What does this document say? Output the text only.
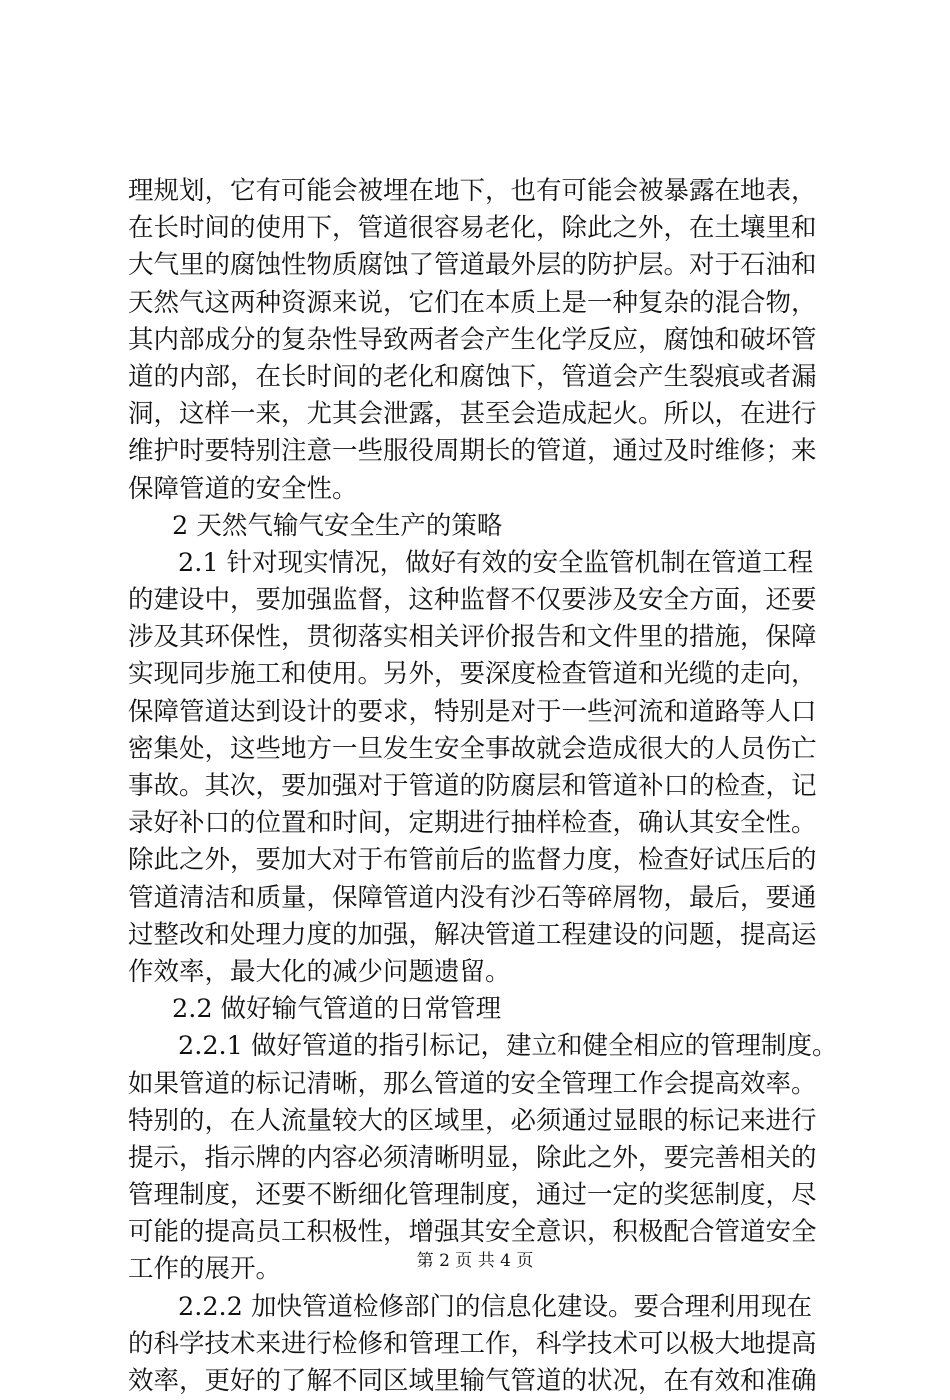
理规划，它有可能会被埋在地下，也有可能会被暴露在地表，
在长时间的使用下，管道很容易老化，除此之外，在土壤里和
大气里的腐蚀性物质腐蚀了管道最外层的防护层。对于石油和
天然气这两种资源来说，它们在本质上是一种复杂的混合物，
其内部成分的复杂性导致两者会产生化学反应，腐蚀和破坏管
道的内部，在长时间的老化和腐蚀下，管道会产生裂痕或者漏
洞，这样一来，尤其会泄露，甚至会造成起火。所以，在进行
维护时要特别注意一些服役周期长的管道，通过及时维修；来
保障管道的安全性。
2 天然气输气安全生产的策略
2.1 针对现实情况，做好有效的安全监管机制在管道工程
的建设中，要加强监督，这种监督不仅要涉及安全方面，还要
涉及其环保性，贯彻落实相关评价报告和文件里的措施，保障
实现同步施工和使用。另外，要深度检查管道和光缆的走向，
保障管道达到设计的要求，特别是对于一些河流和道路等人口
密集处，这些地方一旦发生安全事故就会造成很大的人员伤亡
事故。其次，要加强对于管道的防腐层和管道补口的检查，记
录好补口的位置和时间，定期进行抽样检查，确认其安全性。
除此之外，要加大对于布管前后的监督力度，检查好试压后的
管道清洁和质量，保障管道内没有沙石等碎屑物，最后，要通
过整改和处理力度的加强，解决管道工程建设的问题，提高运
作效率，最大化的减少问题遗留。
2.2 做好输气管道的日常管理
2.2.1 做好管道的指引标记，建立和健全相应的管理制度。
如果管道的标记清晰，那么管道的安全管理工作会提高效率。
特别的，在人流量较大的区域里，必须通过显眼的标记来进行
提示，指示牌的内容必须清晰明显，除此之外，要完善相关的
管理制度，还要不断细化管理制度，通过一定的奖惩制度，尽
可能的提高员工积极性，增强其安全意识，积极配合管道安全
工作的展开。
2.2.2 加快管道检修部门的信息化建设。要合理利用现在
的科学技术来进行检修和管理工作，科学技术可以极大地提高
效率，更好的了解不同区域里输气管道的状况，在有效和准确
第 2 页 共 4 页
